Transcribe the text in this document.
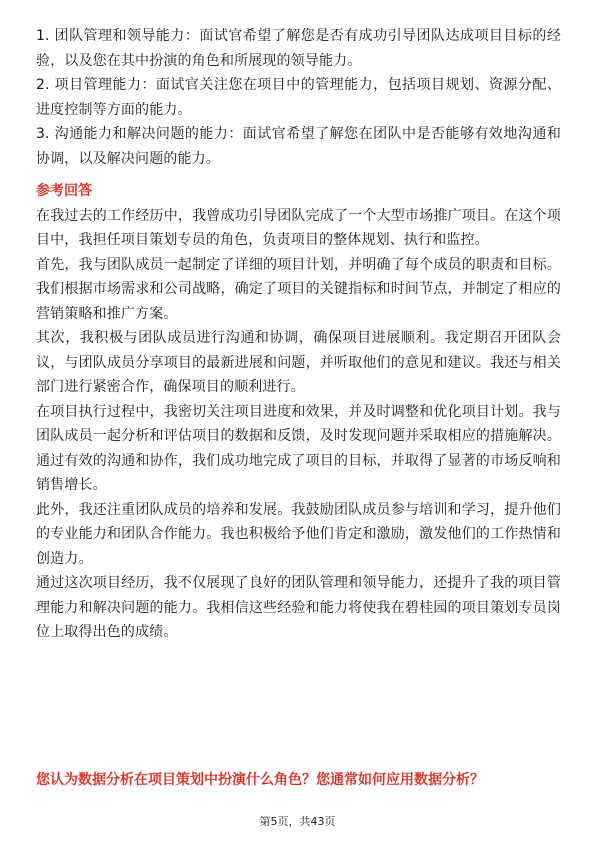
1. 团队管理和领导能力：面试官希望了解您是否有成功引导团队达成项目目标的经验，以及您在其中扮演的角色和所展现的领导能力。

2. 项目管理能力：面试官关注您在项目中的管理能力，包括项目规划、资源分配、进度控制等方面的能力。

3. 沟通能力和解决问题的能力：面试官希望了解您在团队中是否能够有效地沟通和协调，以及解决问题的能力。

参考回答

在我过去的工作经历中，我曾成功引导团队完成了一个大型市场推广项目。在这个项目中，我担任项目策划专员的角色，负责项目的整体规划、执行和监控。

首先，我与团队成员一起制定了详细的项目计划，并明确了每个成员的职责和目标。我们根据市场需求和公司战略，确定了项目的关键指标和时间节点，并制定了相应的营销策略和推广方案。

其次，我积极与团队成员进行沟通和协调，确保项目进展顺利。我定期召开团队会议，与团队成员分享项目的最新进展和问题，并听取他们的意见和建议。我还与相关部门进行紧密合作，确保项目的顺利进行。

在项目执行过程中，我密切关注项目进度和效果，并及时调整和优化项目计划。我与团队成员一起分析和评估项目的数据和反馈，及时发现问题并采取相应的措施解决。通过有效的沟通和协作，我们成功地完成了项目的目标，并取得了显著的市场反响和销售增长。

此外，我还注重团队成员的培养和发展。我鼓励团队成员参与培训和学习，提升他们的专业能力和团队合作能力。我也积极给予他们肯定和激励，激发他们的工作热情和创造力。

通过这次项目经历，我不仅展现了良好的团队管理和领导能力，还提升了我的项目管理能力和解决问题的能力。我相信这些经验和能力将使我在碧桂园的项目策划专员岗位上取得出色的成绩。

您认为数据分析在项目策划中扮演什么角色？您通常如何应用数据分析？

第5页，共43页
